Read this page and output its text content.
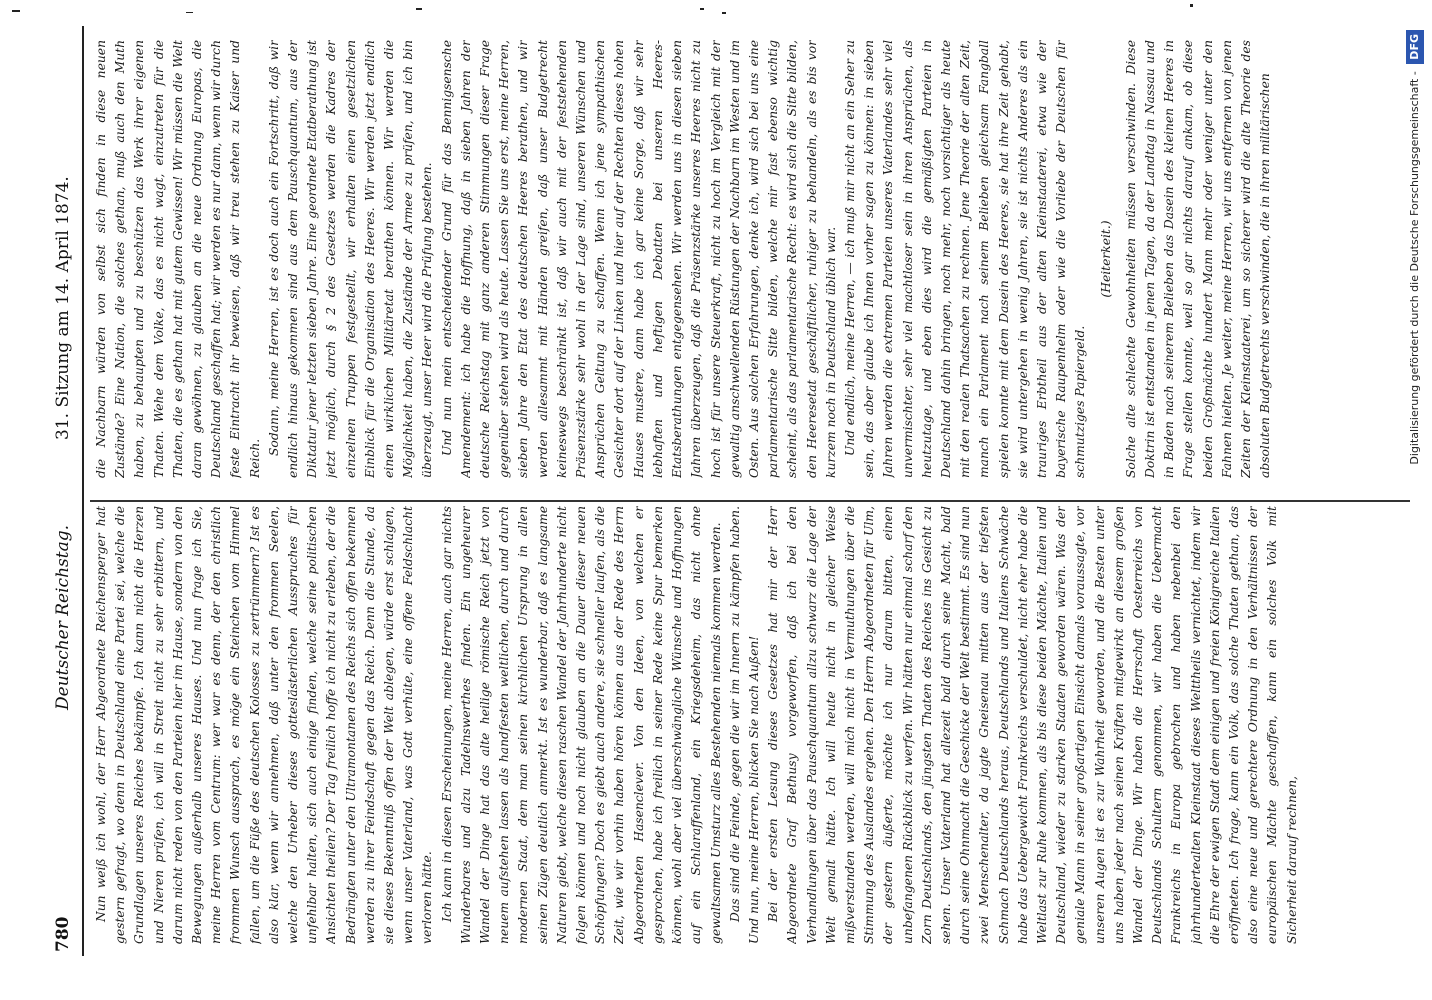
780
Deutscher Reichstag.
31. Sitzung am 14. April 1874.

Nun weiß ich wohl, der Herr Abgeordnete Reichensperger hat gestern gefragt, wo denn in Deutschland eine Partei sei, welche die Grundlagen unseres Reiches bekämpfe. Ich kann nicht die Herzen und Nieren prüfen, ich will in Streit nicht zu sehr erbittern, und darum nicht reden von den Parteien hier im Hause, sondern von den Bewegungen außerhalb unseres Hauses. Und nun frage ich Sie, meine Herren vom Centrum: wer war es denn, der den christlich frommen Wunsch aussprach, es möge ein Steinchen vom Himmel fallen, um die Füße des deutschen Kolosses zu zertrümmern? Ist es also klar, wenn wir annehmen, daß unter den frommen Seelen, welche den Urheber dieses gotteslästerlichen Ausspruches für unfehlbar halten, sich auch einige finden, welche seine politischen Ansichten theilen? Der Tag freilich hoffe ich nicht zu erleben, der die Bedrängten unter den Ultramontanen des Reichs sich offen bekennen werden zu ihrer Feindschaft gegen das Reich. Denn die Stunde, da sie dieses Bekenntniß offen der Welt ablegen, würde erst schlagen, wenn unser Vaterland, was Gott verhüte, eine offene Feldschlacht verloren hätte. Ich kann in diesen Erscheinungen, meine Herren, auch gar nichts Wunderbares und alzu Tadelnswerthes finden. Ein ungeheurer Wandel der Dinge hat das alte heilige römische Reich jetzt von neuem aufstehen lassen als handfesten weltlichen, durch und durch modernen Staat, dem man seinen kirchlichen Ursprung in allen seinen Zügen deutlich anmerkt. Ist es wunderbar, daß es langsame Naturen giebt, welche diesen raschen Wandel der Jahrhunderte nicht folgen können und noch nicht glauben an die Dauer dieser neuen Schöpfungen? Doch es giebt auch andere, sie schneller laufen, als die Zeit, wie wir vorhin haben hören können aus der Rede des Herrn Abgeordneten Hasenclever. Von den Ideen, von welchen er gesprochen, habe ich freilich in seiner Rede keine Spur bemerken können, wohl aber viel überschwängliche Wünsche und Hoffnungen auf ein Schlaraffenland, ein Kriegsdeheim, das nicht ohne gewaltsamen Umsturz alles Bestehenden niemals kommen werden. Das sind die Feinde, gegen die wir im Innern zu kämpfen haben. Und nun, meine Herren, blicken Sie nach Außen! Bei der ersten Lesung dieses Gesetzes hat mir der Herr Abgeordnete Graf Bethusy vorgeworfen, daß ich bei den Verhandlungen über das Pauschquantum allzu schwarz die Lage der Welt gemalt hätte. Ich will heute nicht in gleicher Weise mißverstanden werden, will mich nicht in Vermuthungen über die Stimmung des Auslandes ergehen. Den Herrn Abgeordneten für Ulm, der gestern äußerte, möchte ich nur darum bitten, einen unbefangenen Rückblick zu werfen. Wir hätten nur einmal scharf den Zorn Deutschlands, den jüngsten Thaten des Reiches ins Gesicht zu sehen. Unser Vaterland hat allezeit bald durch seine Macht, bald durch seine Ohnmacht die Geschicke der Welt bestimmt. Es sind nun zwei Menschenalter, da jagte Gneisenau mitten aus der tiefsten Schmach Deutschlands heraus, Deutschlands und Italiens Schwäche habe das Uebergewicht Frankreichs verschuldet, nicht eher habe die Weltlast zur Ruhe kommen, als bis diese beiden Mächte, Italien und Deutschland, wieder zu starken Staaten geworden wären. Was der geniale Mann in seiner großartigen Einsicht damals voraussagte, vor unseren Augen ist es zur Wahrheit geworden, und die Besten unter uns haben jeder nach seinen Kräften mitgewirkt an diesem großen Wandel der Dinge. Wir haben die Herrschaft Oesterreichs von Deutschlands Schultern genommen, wir haben die Uebermacht Frankreichs in Europa gebrochen und haben nebenbei den jahrhundertealten Kleinstaat dieses Welttheils vernichtet, indem wir die Ehre der ewigen Stadt dem einigen und freien Königreiche Italien eröffneten. Ich frage, kann ein Volk, das solche Thaten gethan, das also eine neue und gerechtere Ordnung in den Verhältnissen der europäischen Mächte geschaffen, kann ein solches Volk mit Sicherheit darauf rechnen,

die Nachbarn würden von selbst sich finden in diese neuen Zustände? Eine Nation, die solches gethan, muß auch den Muth haben, zu behaupten und zu beschützen das Werk ihrer eigenen Thaten. Wehe dem Volke, das es nicht wagt, einzutreten für die Thaten, die es gethan hat mit gutem Gewissen! Wir müssen die Welt daran gewöhnen, zu glauben an die neue Ordnung Europas, die Deutschland geschaffen hat; wir werden es nur dann, wenn wir durch feste Eintracht ihr beweisen, daß wir treu stehen zu Kaiser und Reich.

Sodann, meine Herren, ist es doch auch ein Fortschritt, daß wir endlich hinaus gekommen sind aus dem Pauschquantum, aus der Diktatur jener letzten sieben Jahre. Eine geordnete Etatberathung ist jetzt möglich, durch § 2 des Gesetzes werden die Kadres der einzelnen Truppen festgestellt, wir erhalten einen gesetzlichen Einblick für die Organisation des Heeres. Wir werden jetzt endlich einen wirklichen Militäretat berathen können. Wir werden die Möglichkeit haben, die Zustände der Armee zu prüfen, und ich bin überzeugt, unser Heer wird die Prüfung bestehen. Und nun mein entscheidender Grund für das Bennigsensche Amendement: ich habe die Hoffnung, daß in sieben Jahren der deutsche Reichstag mit ganz anderen Stimmungen dieser Frage gegenüber stehen wird als heute. Lassen Sie uns erst, meine Herren, sieben Jahre den Etat des deutschen Heeres berathen, und wir werden allesammt mit Händen greifen, daß unser Budgetrecht keineswegs beschränkt ist, daß wir auch mit der feststehenden Präsenzstärke sehr wohl in der Lage sind, unseren Wünschen und Ansprüchen Geltung zu schaffen. Wenn ich jene sympathischen Gesichter dort auf der Linken und hier auf der Rechten dieses hohen Hauses mustere, dann habe ich gar keine Sorge, daß wir sehr lebhaften und heftigen Debatten bei unseren Heeres-Etatsberathungen entgegensehen. Wir werden uns in diesen sieben Jahren überzeugen, daß die Präsenzstärke unseres Heeres nicht zu hoch ist für unsere Steuerkraft, nicht zu hoch im Vergleich mit der gewaltig anschwellenden Rüstungen der Nachbarn im Westen und im Osten. Aus solchen Erfahrungen, denke ich, wird sich bei uns eine parlamentarische Sitte bilden, welche mir fast ebenso wichtig scheint, als das parlamentarische Recht: es wird sich die Sitte bilden, den Heeresetat geschäftlicher, ruhiger zu behandeln, als es bis vor kurzem noch in Deutschland üblich war. Und endlich, meine Herren, — ich muß mir nicht an ein Seher zu sein, das aber glaube ich Ihnen vorher sagen zu können: in sieben Jahren werden die extremen Parteien unseres Vaterlandes sehr viel unvermischter, sehr viel machtloser sein in ihren Ansprüchen, als heutzutage, und eben dies wird die gemäßigten Parteien in Deutschland dahin bringen, noch mehr, noch vorsichtiger als heute mit den realen Thatsachen zu rechnen. Jene Theorie der alten Zeit, manch ein Parlament nach seinem Belieben gleichsam Fangball spielen konnte mit dem Dasein des Heeres, sie hat ihre Zeit gehabt, sie wird untergehen in wenig Jahren, sie ist nichts Anderes als ein trauriges Erbtheil aus der alten Kleinstaaterei, etwa wie der bayerische Raupenhelm oder wie die Vorliebe der Deutschen für schmutziges Papiergeld.

(Heiterkeit.) Solche alte schlechte Gewohnheiten müssen verschwinden. Diese Doktrin ist entstanden in jenen Tagen, da der Landtag in Nassau und in Baden nach seinerem Belieben das Dasein des kleinen Heeres in Frage stellen konnte, weil so gar nichts darauf ankam, ob diese beiden Großmächte hundert Mann mehr oder weniger unter den Fahnen hielten. Je weiter, meine Herren, wir uns entfernen von jenen Zeiten der Kleinstaaterei, um so sicherer wird die alte Theorie des absoluten Budgetrechts verschwinden, die in ihren militärischen	Digitalisierung gefördert durch die Deutsche Forschungsgemeinschaft - DFG
